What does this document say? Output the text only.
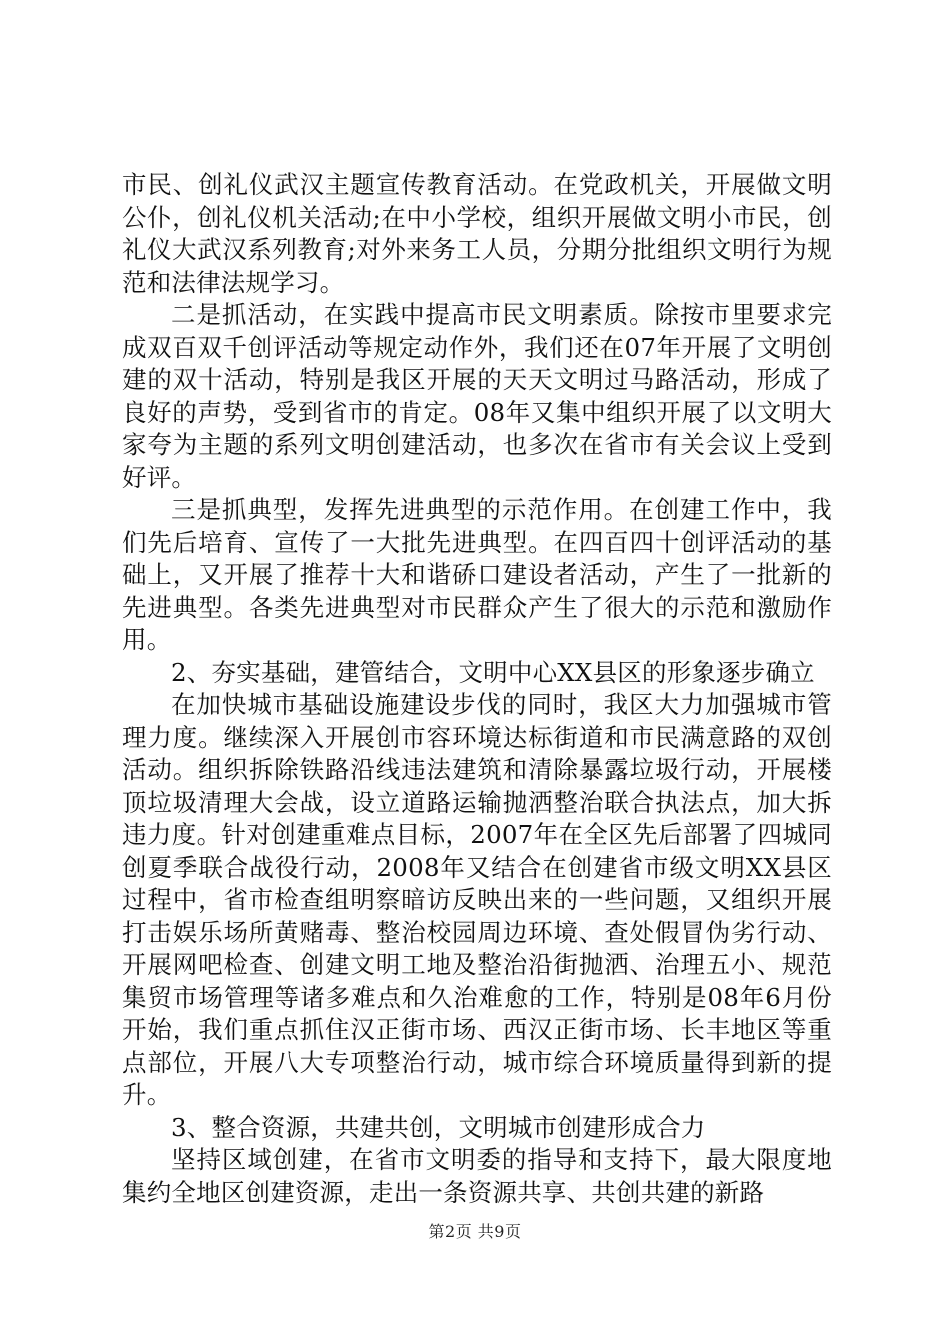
市民、创礼仪武汉主题宣传教育活动。在党政机关，开展做文明公仆，创礼仪机关活动;在中小学校，组织开展做文明小市民，创礼仪大武汉系列教育;对外来务工人员，分期分批组织文明行为规范和法律法规学习。

二是抓活动，在实践中提高市民文明素质。除按市里要求完成双百双千创评活动等规定动作外，我们还在07年开展了文明创建的双十活动，特别是我区开展的天天文明过马路活动，形成了良好的声势，受到省市的肯定。08年又集中组织开展了以文明大家夸为主题的系列文明创建活动，也多次在省市有关会议上受到好评。

三是抓典型，发挥先进典型的示范作用。在创建工作中，我们先后培育、宣传了一大批先进典型。在四百四十创评活动的基础上，又开展了推荐十大和谐硚口建设者活动，产生了一批新的先进典型。各类先进典型对市民群众产生了很大的示范和激励作用。

2、夯实基础，建管结合，文明中心XX县区的形象逐步确立

在加快城市基础设施建设步伐的同时，我区大力加强城市管理力度。继续深入开展创市容环境达标街道和市民满意路的双创活动。组织拆除铁路沿线违法建筑和清除暴露垃圾行动，开展楼顶垃圾清理大会战，设立道路运输抛洒整治联合执法点，加大拆违力度。针对创建重难点目标，2007年在全区先后部署了四城同创夏季联合战役行动，2008年又结合在创建省市级文明XX县区过程中，省市检查组明察暗访反映出来的一些问题，又组织开展打击娱乐场所黄赌毒、整治校园周边环境、查处假冒伪劣行动、开展网吧检查、创建文明工地及整治沿街抛洒、治理五小、规范集贸市场管理等诸多难点和久治难愈的工作，特别是08年6月份开始，我们重点抓住汉正街市场、西汉正街市场、长丰地区等重点部位，开展八大专项整治行动，城市综合环境质量得到新的提升。

3、整合资源，共建共创，文明城市创建形成合力

坚持区域创建，在省市文明委的指导和支持下，最大限度地集约全地区创建资源，走出一条资源共享、共创共建的新路

第2页 共9页
